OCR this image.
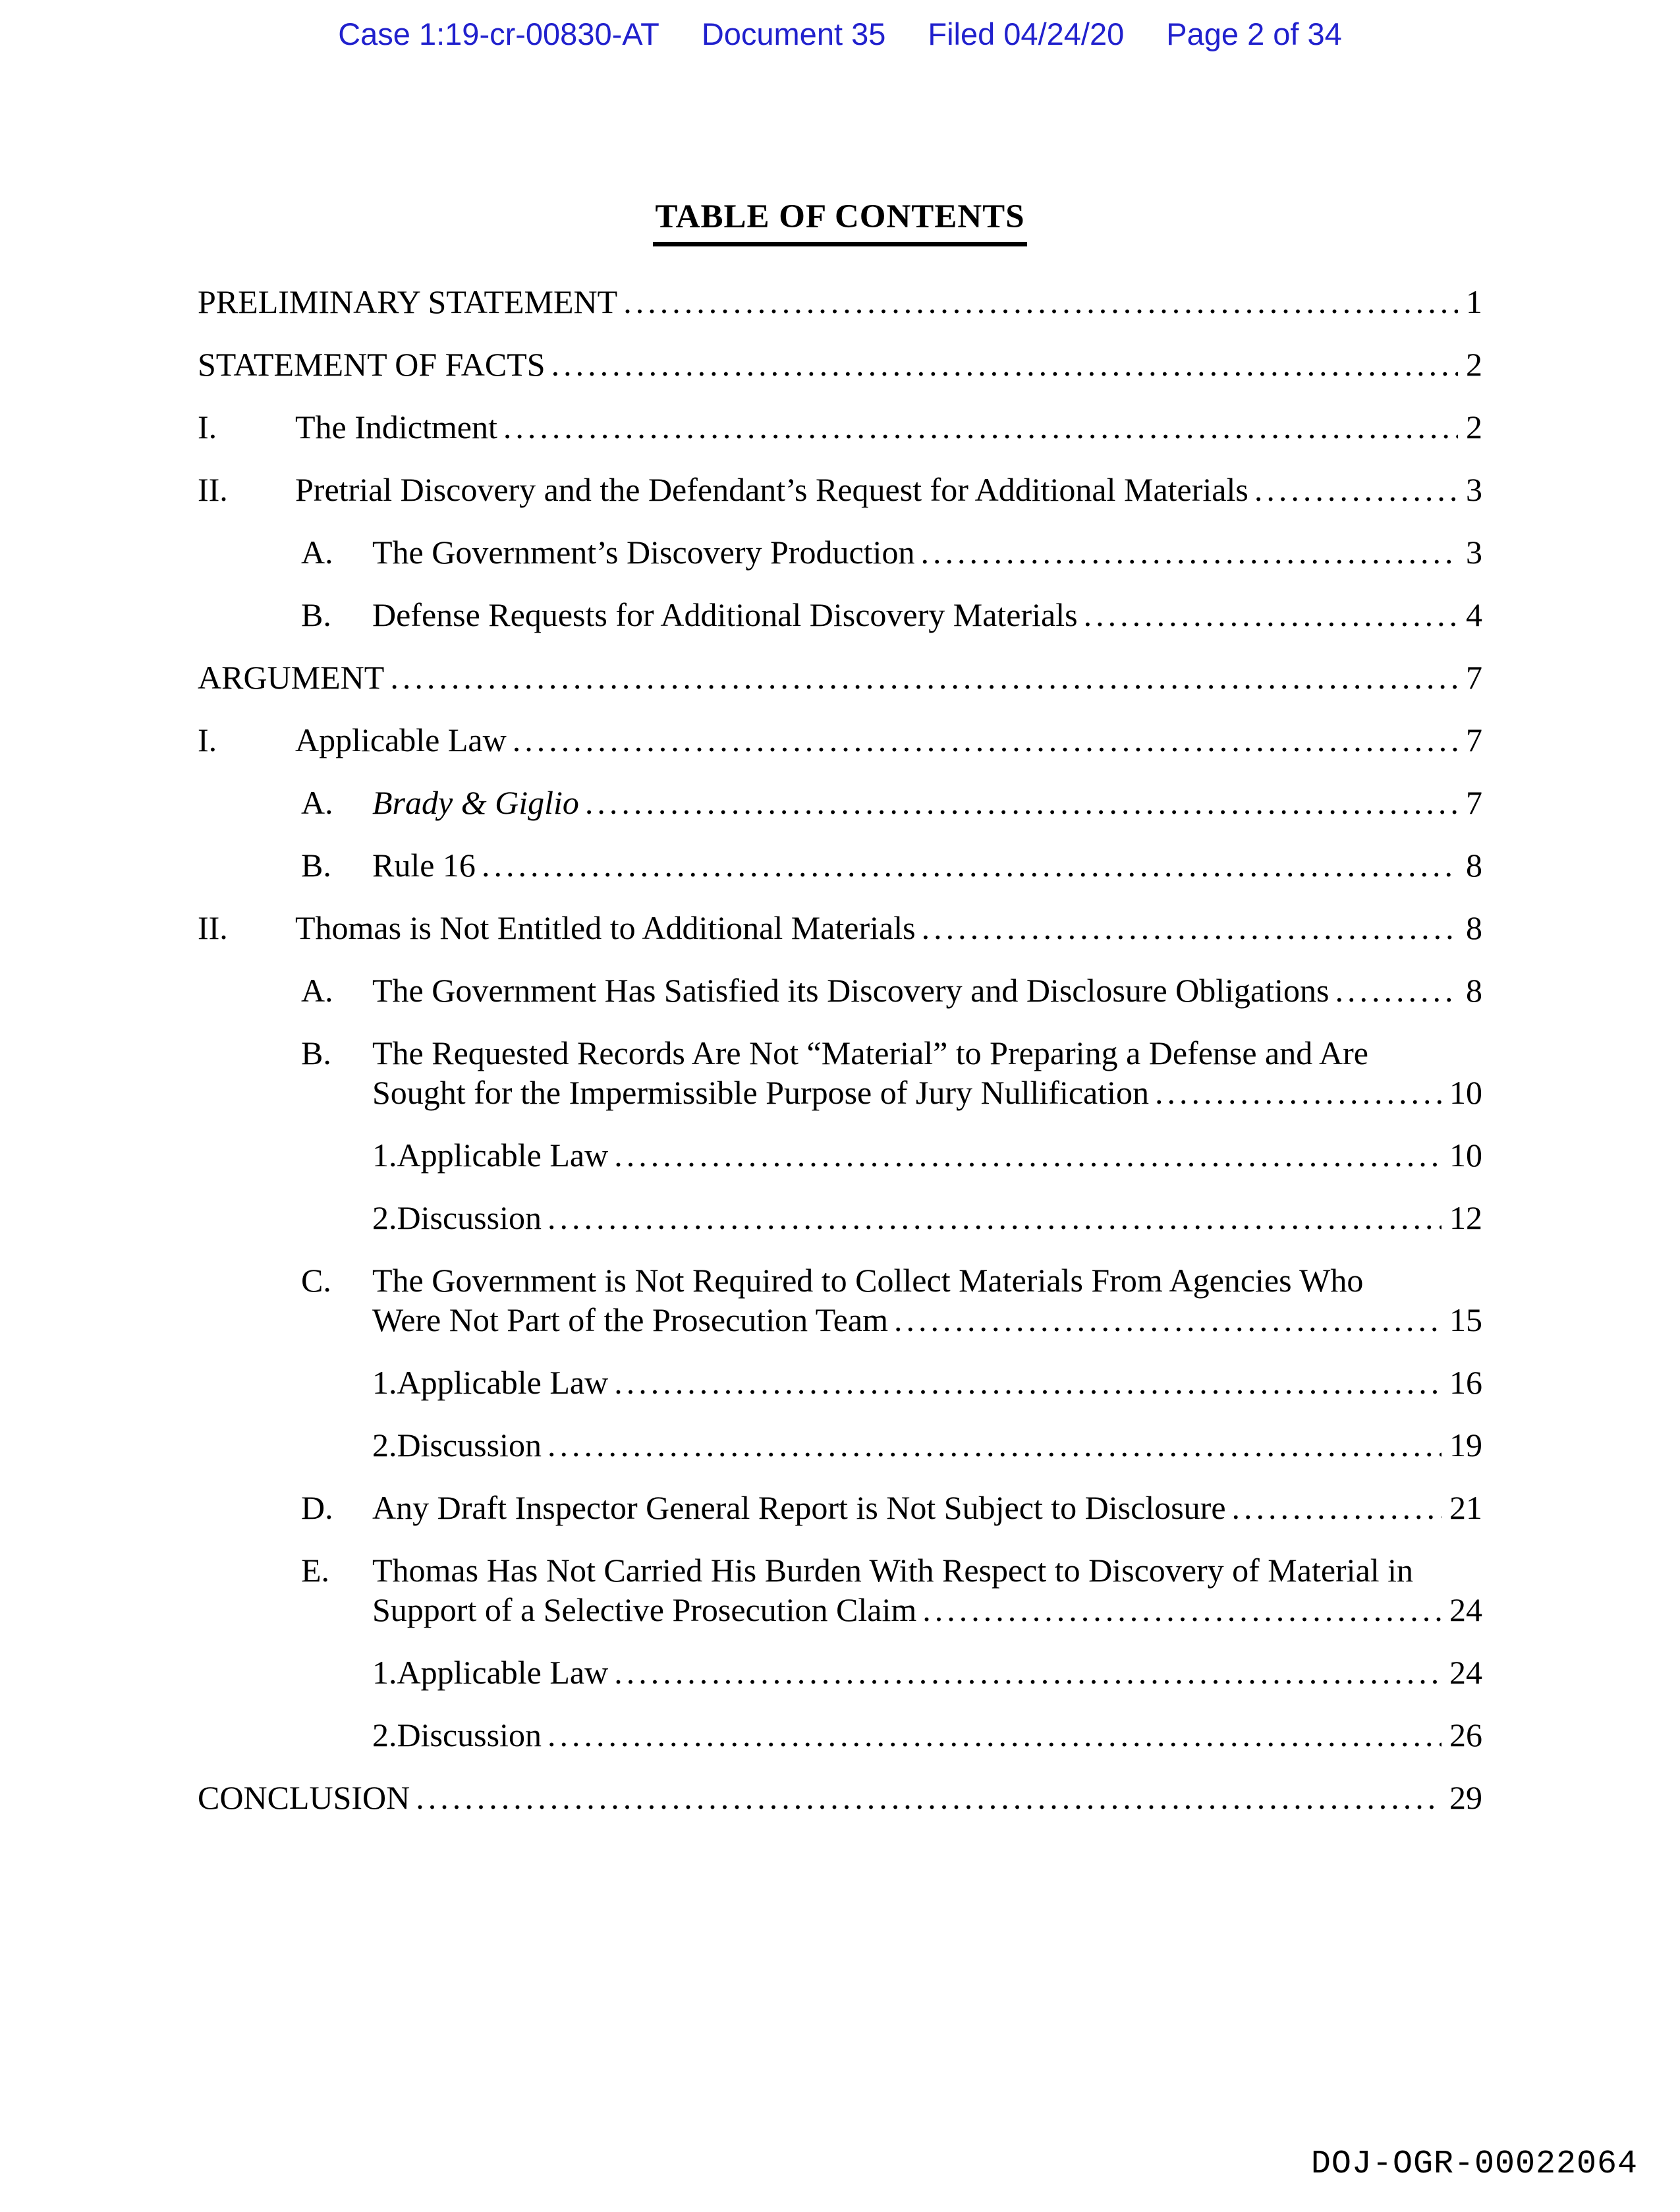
Case 1:19-cr-00830-AT Document 35 Filed 04/24/20 Page 2 of 34
TABLE OF CONTENTS
PRELIMINARY STATEMENT .....	1
STATEMENT OF FACTS .....	2
I.	The Indictment .....	2
II.	Pretrial Discovery and the Defendant’s Request for Additional Materials .....	3
A.	The Government’s Discovery Production .....	3
B.	Defense Requests for Additional Discovery Materials .....	4
ARGUMENT .....	7
I.	Applicable Law .....	7
A.	Brady & Giglio .....	7
B.	Rule 16 .....	8
II.	Thomas is Not Entitled to Additional Materials .....	8
A.	The Government Has Satisfied its Discovery and Disclosure Obligations .....	8
B.	The Requested Records Are Not “Material” to Preparing a Defense and Are
Sought for the Impermissible Purpose of Jury Nullification .....	10
1. Applicable Law .....	10
2. Discussion .....	12
C.	The Government is Not Required to Collect Materials From Agencies Who
Were Not Part of the Prosecution Team .....	15
1. Applicable Law .....	16
2. Discussion .....	19
D.	Any Draft Inspector General Report is Not Subject to Disclosure .....	21
E.	Thomas Has Not Carried His Burden With Respect to Discovery of Material in
Support of a Selective Prosecution Claim .....	24
1. Applicable Law .....	24
2. Discussion .....	26
CONCLUSION .....	29
DOJ-OGR-00022064
